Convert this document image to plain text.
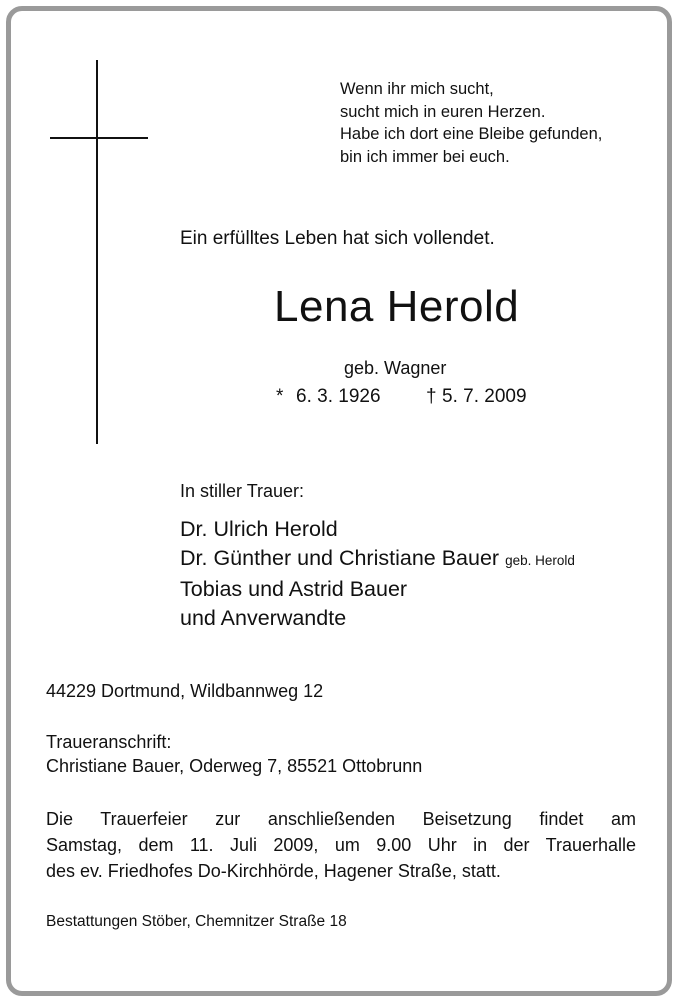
Wenn ihr mich sucht,
sucht mich in euren Herzen.
Habe ich dort eine Bleibe gefunden,
bin ich immer bei euch.
Ein erfülltes Leben hat sich vollendet.
Lena Herold
geb. Wagner
* 6. 3. 1926 † 5. 7. 2009
In stiller Trauer:
Dr. Ulrich Herold
Dr. Günther und Christiane Bauer geb. Herold
Tobias und Astrid Bauer
und Anverwandte
44229 Dortmund, Wildbannweg 12
Traueranschrift:
Christiane Bauer, Oderweg 7, 85521 Ottobrunn
Die Trauerfeier zur anschließenden Beisetzung findet am
Samstag, dem 11. Juli 2009, um 9.00 Uhr in der Trauerhalle
des ev. Friedhofes Do-Kirchhörde, Hagener Straße, statt.
Bestattungen Stöber, Chemnitzer Straße 18
